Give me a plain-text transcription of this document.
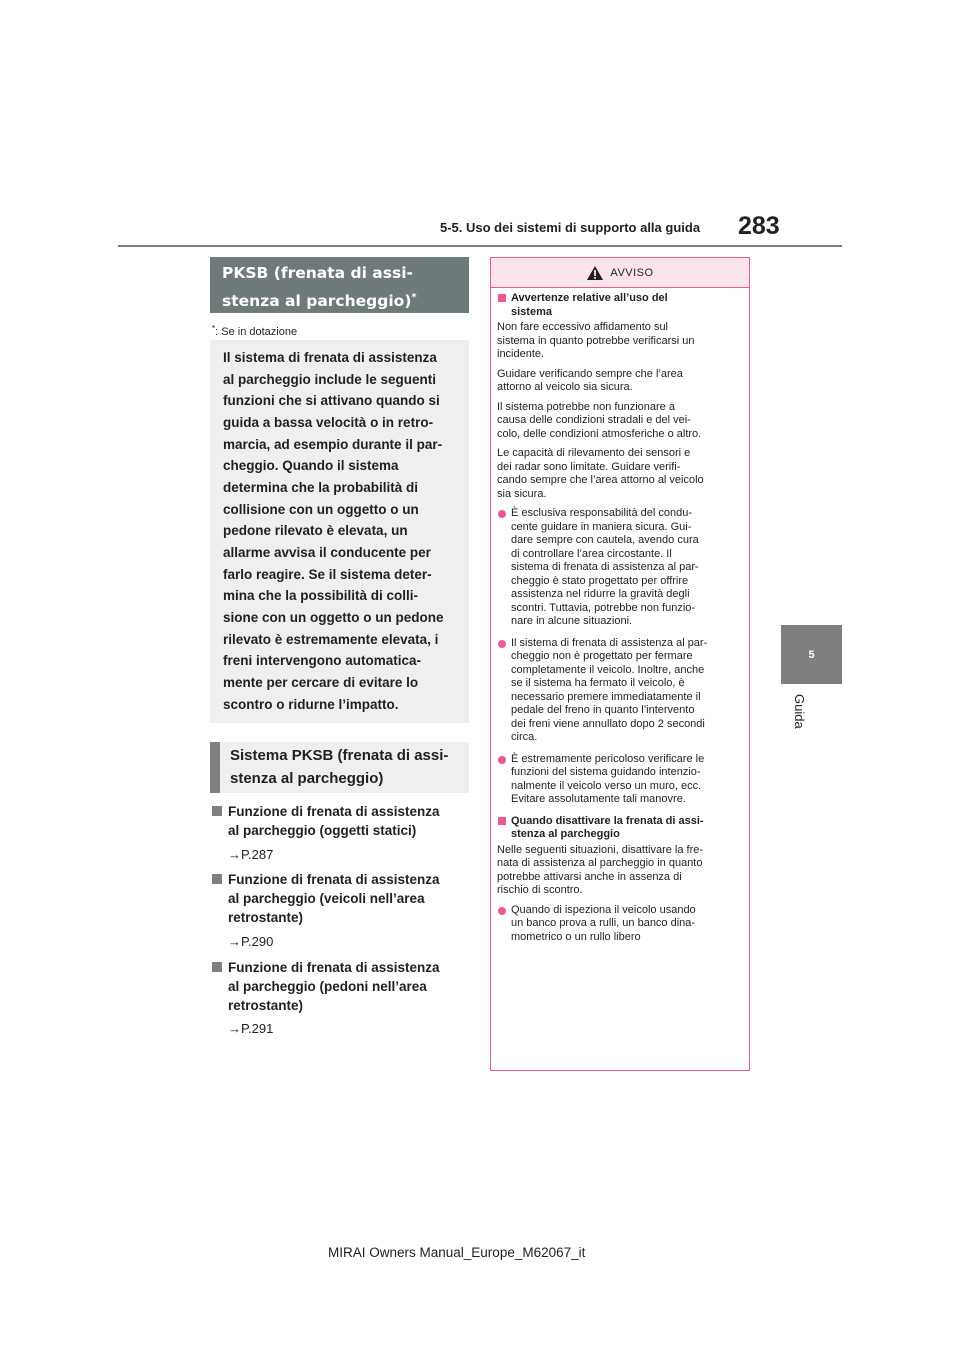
5-5. Uso dei sistemi di supporto alla guida 283
5
Guida
PKSB (frenata di assi-
stenza al parcheggio)*
*: Se in dotazione
Il sistema di frenata di assistenza
al parcheggio include le seguenti
funzioni che si attivano quando si
guida a bassa velocità o in retro-
marcia, ad esempio durante il par-
cheggio. Quando il sistema
determina che la probabilità di
collisione con un oggetto o un
pedone rilevato è elevata, un
allarme avvisa il conducente per
farlo reagire. Se il sistema deter-
mina che la possibilità di colli-
sione con un oggetto o un pedone
rilevato è estremamente elevata, i
freni intervengono automatica-
mente per cercare di evitare lo
scontro o ridurne l’impatto.
Sistema PKSB (frenata di assi-
stenza al parcheggio)
Funzione di frenata di assistenza
al parcheggio (oggetti statici)
→P.287
Funzione di frenata di assistenza
al parcheggio (veicoli nell’area
retrostante)
→P.290
Funzione di frenata di assistenza
al parcheggio (pedoni nell’area
retrostante)
→P.291
AVVISO

Avvertenze relative all’uso del
sistema

Non fare eccessivo affidamento sul
sistema in quanto potrebbe verificarsi un
incidente.

Guidare verificando sempre che l’area
attorno al veicolo sia sicura.

Il sistema potrebbe non funzionare a
causa delle condizioni stradali e del vei-
colo, delle condizioni atmosferiche o altro.

Le capacità di rilevamento dei sensori e
dei radar sono limitate. Guidare verifi-
cando sempre che l’area attorno al veicolo
sia sicura.

È esclusiva responsabilità del condu-
cente guidare in maniera sicura. Gui-
dare sempre con cautela, avendo cura
di controllare l’area circostante. Il
sistema di frenata di assistenza al par-
cheggio è stato progettato per offrire
assistenza nel ridurre la gravità degli
scontri. Tuttavia, potrebbe non funzio-
nare in alcune situazioni.

Il sistema di frenata di assistenza al par-
cheggio non è progettato per fermare
completamente il veicolo. Inoltre, anche
se il sistema ha fermato il veicolo, è
necessario premere immediatamente il
pedale del freno in quanto l’intervento
dei freni viene annullato dopo 2 secondi
circa.

È estremamente pericoloso verificare le
funzioni del sistema guidando intenzio-
nalmente il veicolo verso un muro, ecc.
Evitare assolutamente tali manovre.

Quando disattivare la frenata di assi-
stenza al parcheggio

Nelle seguenti situazioni, disattivare la fre-
nata di assistenza al parcheggio in quanto
potrebbe attivarsi anche in assenza di
rischio di scontro.

Quando di ispeziona il veicolo usando
un banco prova a rulli, un banco dina-
mometrico o un rullo libero

MIRAI Owners Manual_Europe_M62067_it
